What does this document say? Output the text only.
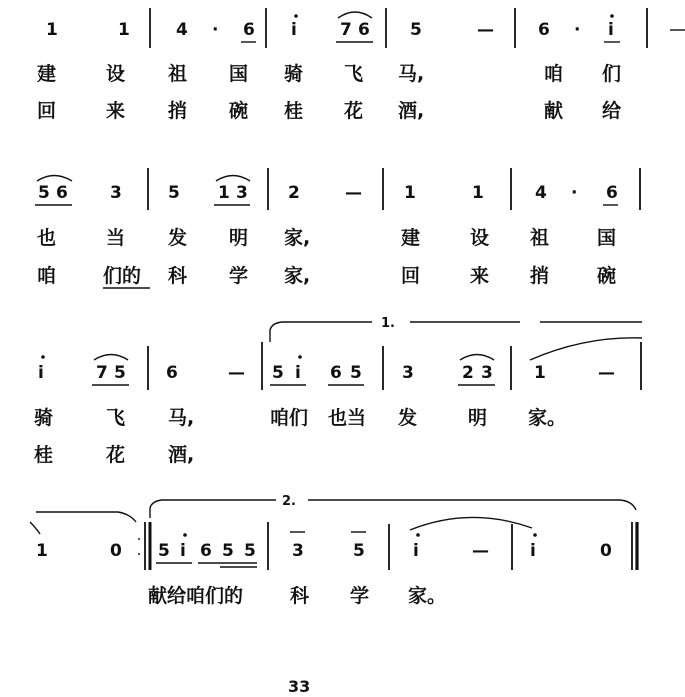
1	1	4 · 6 i	7 6 5	—	6 · i
建	设 祖 国 骑 飞 马,	咱 们
回	来 捎 碗 桂 花 酒,	献 给
5 6 3	5 1 3 2	— 1	1	4 · 6
也	当 发 明 家,	建	设 祖	国
咱 们的 科 学 家,	回	来 捎	碗
1.
i	7 5 6	— 5 i 6 5 3	2 3 1	—
骑	飞 马,	咱们 也当 发	明 家。
桂	花 酒,
2.
1	0 5 i 6 5 5 3	5	i	— i	0
献给咱们的 科 学 家。
33
